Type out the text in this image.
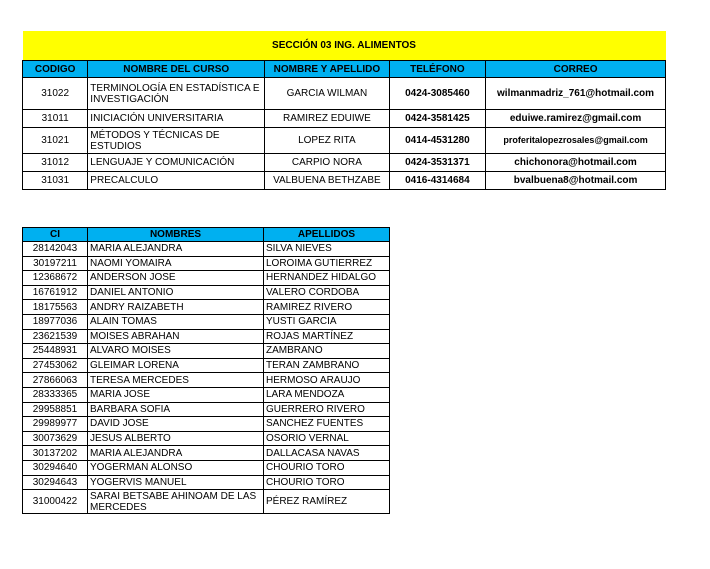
SECCIÓN 03 ING. ALIMENTOS				
CODIGO	NOMBRE DEL CURSO	NOMBRE Y APELLIDO	TELÉFONO	CORREO
31022	TERMINOLOGÍA EN ESTADÍSTICA E INVESTIGACIÓN	GARCIA WILMAN	0424-3085460	wilmanmadriz_761@hotmail.com
31011	INICIACIÓN UNIVERSITARIA	RAMIREZ EDUIWE	0424-3581425	eduiwe.ramirez@gmail.com
31021	MÉTODOS Y TÉCNICAS DE ESTUDIOS	LOPEZ RITA	0414-4531280	proferitalopezrosales@gmail.com
31012	LENGUAJE Y COMUNICACIÓN	CARPIO NORA	0424-3531371	chichonora@hotmail.com
31031	PRECALCULO	VALBUENA BETHZABE	0416-4314684	bvalbuena8@hotmail.com
CI	NOMBRES	APELLIDOS
28142043	MARIA ALEJANDRA	SILVA NIEVES
30197211	NAOMI YOMAIRA	LOROIMA GUTIERREZ
12368672	ANDERSON JOSE	HERNANDEZ HIDALGO
16761912	DANIEL ANTONIO	VALERO CORDOBA
18175563	ANDRY RAIZABETH	RAMIREZ RIVERO
18977036	ALAIN TOMAS	YUSTI GARCIA
23621539	MOISES ABRAHAN	ROJAS MARTÍNEZ
25448931	ALVARO MOISES	ZAMBRANO
27453062	GLEIMAR LORENA	TERAN ZAMBRANO
27866063	TERESA MERCEDES	HERMOSO ARAUJO
28333365	MARIA JOSE	LARA MENDOZA
29958851	BARBARA SOFIA	GUERRERO RIVERO
29989977	DAVID JOSE	SANCHEZ FUENTES
30073629	JESUS ALBERTO	OSORIO VERNAL
30137202	MARIA ALEJANDRA	DALLACASA NAVAS
30294640	YOGERMAN ALONSO	CHOURIO TORO
30294643	YOGERVIS MANUEL	CHOURIO TORO
31000422	SARAI BETSABE AHINOAM DE LAS MERCEDES	PÉREZ RAMÍREZ
